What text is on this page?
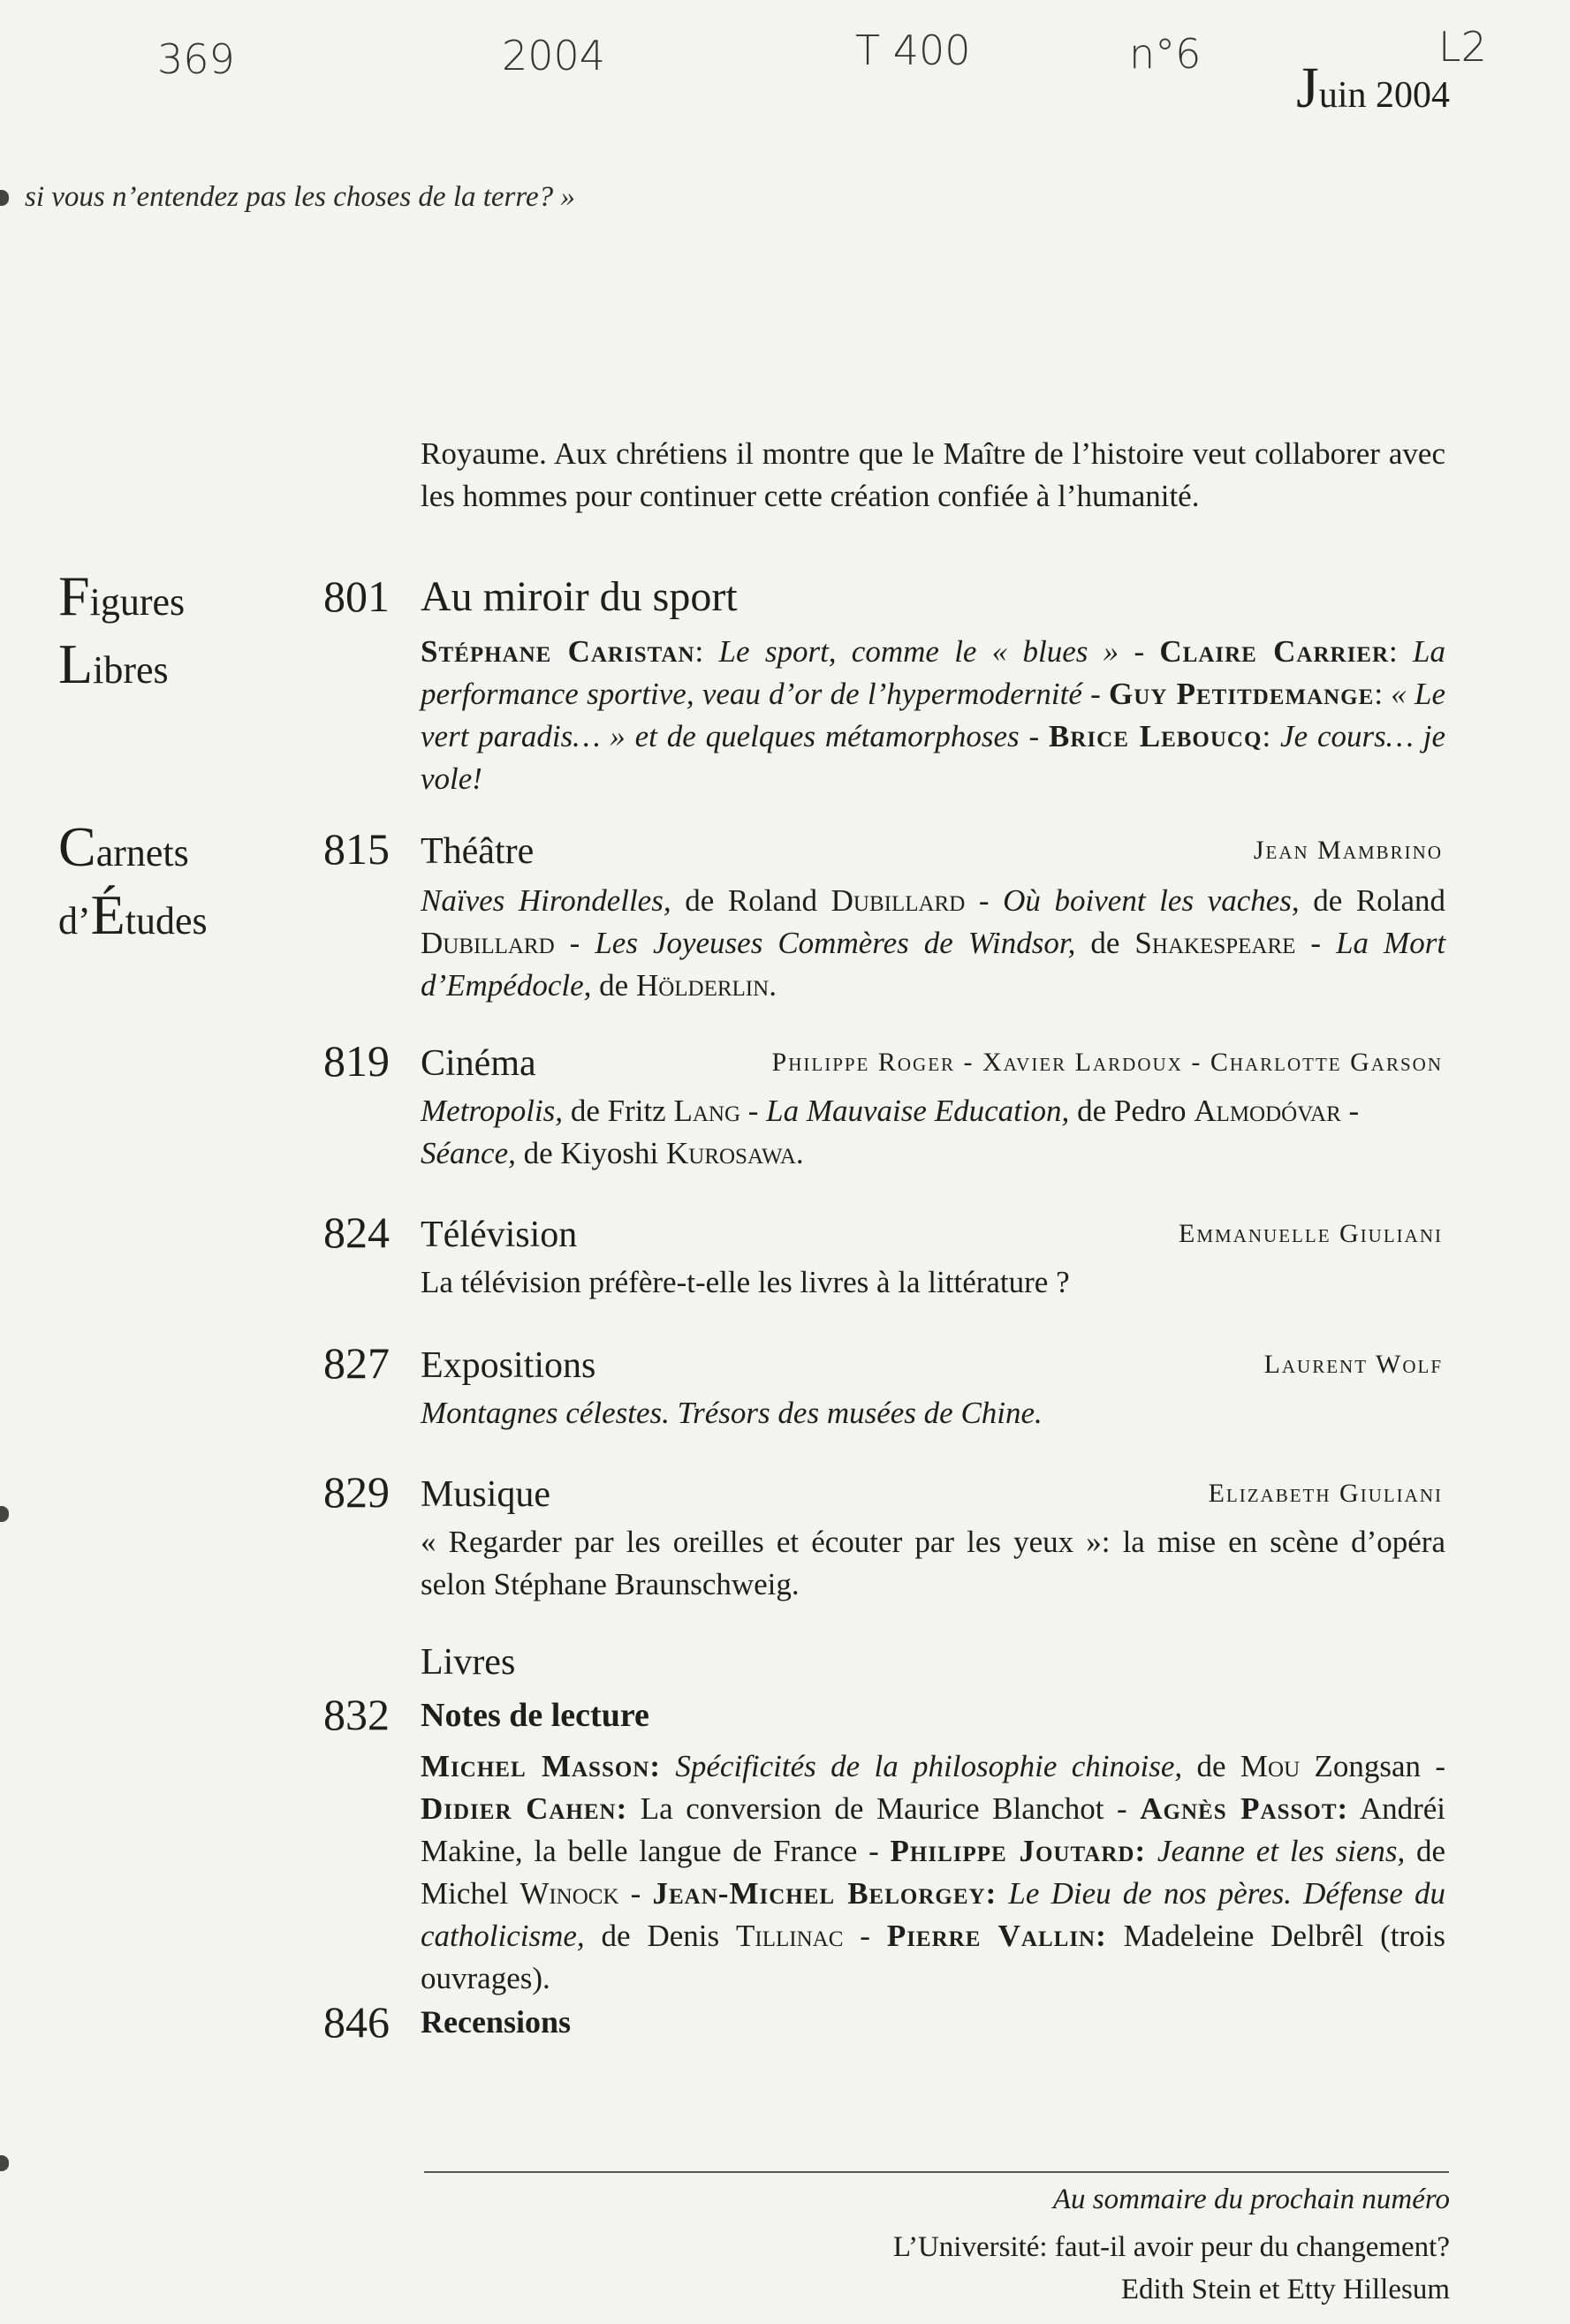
369	2004	T 400	n°6	L2
Juin 2004
si vous n’entendez pas les choses de la terre? »
Royaume. Aux chrétiens il montre que le Maître de l’histoire veut collaborer avec les hommes pour continuer cette création confiée à l’humanité.
Figures
Libres
801 Au miroir du sport
Stéphane Caristan: Le sport, comme le « blues » - Claire Carrier: La performance sportive, veau d’or de l’hypermodernité - Guy Petitdemange: « Le vert paradis… » et de quelques métamorphoses - Brice Leboucq: Je cours… je vole!
Carnets
d’Études
815 Théâtre	Jean Mambrino
Naïves Hirondelles, de Roland Dubillard - Où boivent les vaches, de Roland Dubillard - Les Joyeuses Commères de Windsor, de Shakespeare - La Mort d’Empédocle, de Hölderlin.
819 Cinéma	Philippe Roger - Xavier Lardoux - Charlotte Garson
Metropolis, de Fritz Lang - La Mauvaise Education, de Pedro Almodóvar - Séance, de Kiyoshi Kurosawa.
824 Télévision	Emmanuelle Giuliani
La télévision préfère-t-elle les livres à la littérature ?
827 Expositions	Laurent Wolf
Montagnes célestes. Trésors des musées de Chine.
829 Musique	Elizabeth Giuliani
« Regarder par les oreilles et écouter par les yeux »: la mise en scène d’opéra selon Stéphane Braunschweig.
Livres
832 Notes de lecture
Michel Masson: Spécificités de la philosophie chinoise, de Mou Zongsan - Didier Cahen: La conversion de Maurice Blanchot - Agnès Passot: Andréi Makine, la belle langue de France - Philippe Joutard: Jeanne et les siens, de Michel Winock - Jean-Michel Belorgey: Le Dieu de nos pères. Défense du catholicisme, de Denis Tillinac - Pierre Vallin: Madeleine Delbrêl (trois ouvrages).
846 Recensions
Au sommaire du prochain numéro
L’Université: faut-il avoir peur du changement?
Edith Stein et Etty Hillesum
